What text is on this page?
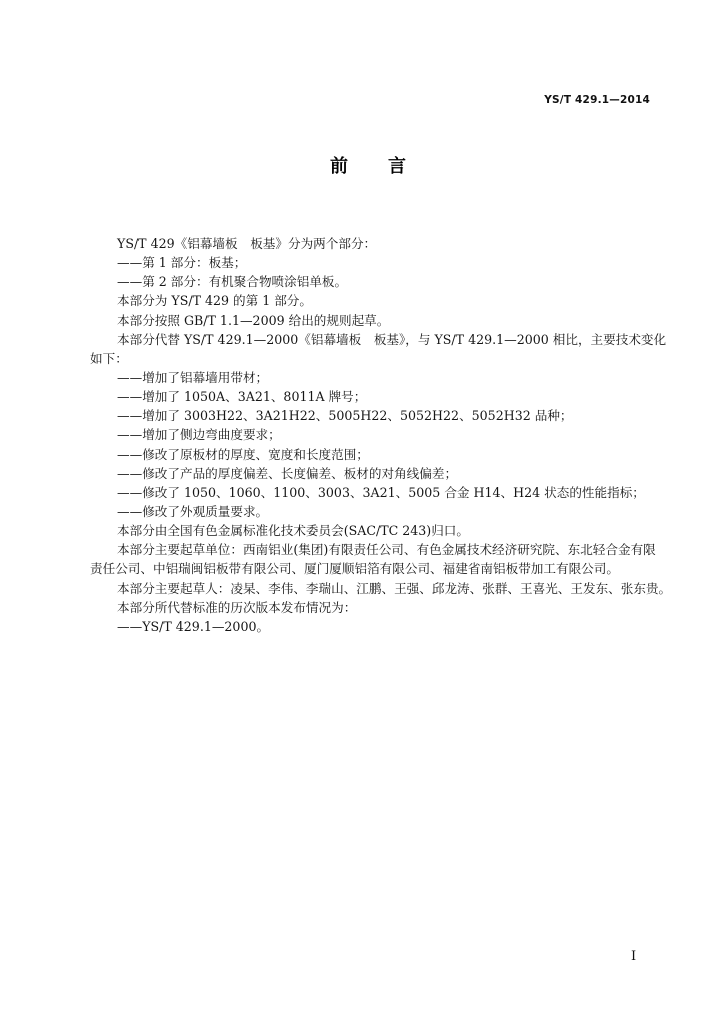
YS/T 429.1—2014
前　言
YS/T 429《铝幕墙板　板基》分为两个部分：
——第 1 部分：板基；
——第 2 部分：有机聚合物喷涂铝单板。
本部分为 YS/T 429 的第 1 部分。
本部分按照 GB/T 1.1—2009 给出的规则起草。
本部分代替 YS/T 429.1—2000《铝幕墙板　板基》，与 YS/T 429.1—2000 相比，主要技术变化
如下：
——增加了铝幕墙用带材；
——增加了 1050A、3A21、8011A 牌号；
——增加了 3003H22、3A21H22、5005H22、5052H22、5052H32 品种；
——增加了侧边弯曲度要求；
——修改了原板材的厚度、宽度和长度范围；
——修改了产品的厚度偏差、长度偏差、板材的对角线偏差；
——修改了 1050、1060、1100、3003、3A21、5005 合金 H14、H24 状态的性能指标；
——修改了外观质量要求。
本部分由全国有色金属标准化技术委员会(SAC/TC 243)归口。
本部分主要起草单位：西南铝业(集团)有限责任公司、有色金属技术经济研究院、东北轻合金有限
责任公司、中铝瑞闽铝板带有限公司、厦门厦顺铝箔有限公司、福建省南铝板带加工有限公司。
本部分主要起草人：凌杲、李伟、李瑞山、江鹏、王强、邱龙涛、张群、王喜光、王发东、张东贵。
本部分所代替标准的历次版本发布情况为：
——YS/T 429.1—2000。
I
